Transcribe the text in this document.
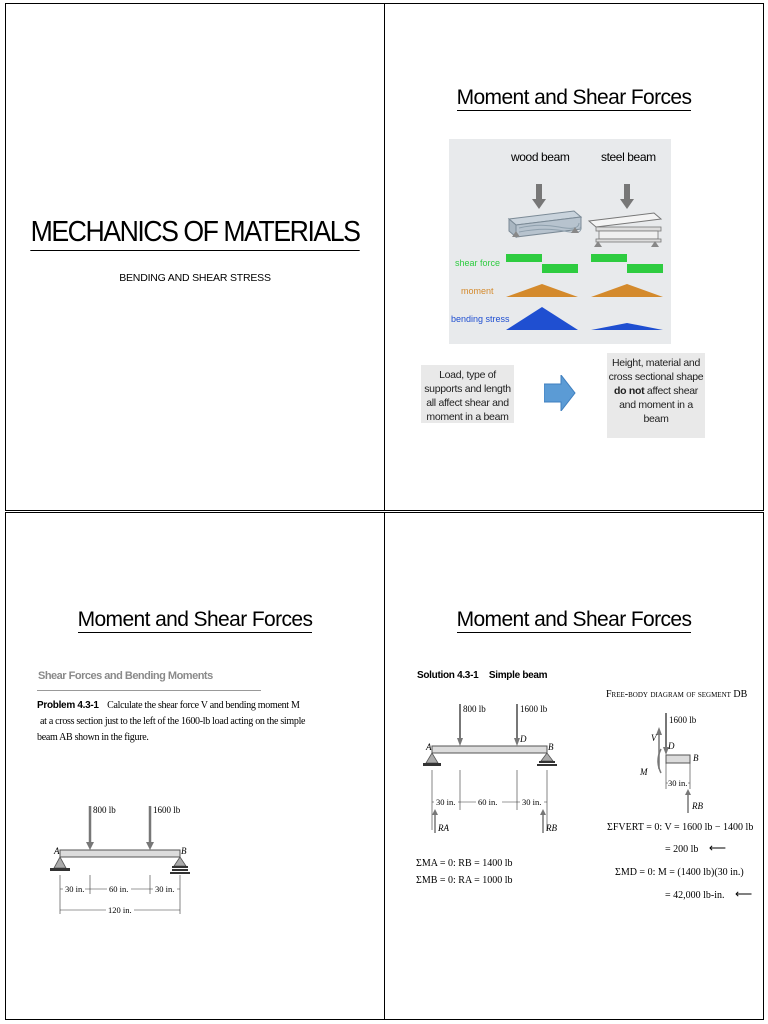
MECHANICS OF MATERIALS
BENDING AND SHEAR STRESS
Moment and Shear Forces
wood beam	steel beam
shear force
moment
bending stress
Load, type of supports and length all affect shear and moment in a beam
Height, material and cross sectional shape do not affect shear and moment in a beam
Moment and Shear Forces
Shear Forces and Bending Moments
Problem 4.3-1 Calculate the shear force V and bending moment M
at a cross section just to the left of the 1600-lb load acting on the simple
beam AB shown in the figure.
800 lb	1600 lb
A	B
30 in.	60 in.	30 in.
120 in.
Moment and Shear Forces
Solution 4.3-1 Simple beam
800 lb	1600 lb
D
A	B
30 in.	60 in.	30 in.
RA	RB
ΣMA = 0: RB = 1400 lb
ΣMB = 0: RA = 1000 lb
Free-body diagram of segment DB
1600 lb
V
D
B
M
30 in.
RB
ΣFVERT = 0: V = 1600 lb − 1400 lb
= 200 lb ⟵
ΣMD = 0: M = (1400 lb)(30 in.)
= 42,000 lb-in. ⟵
